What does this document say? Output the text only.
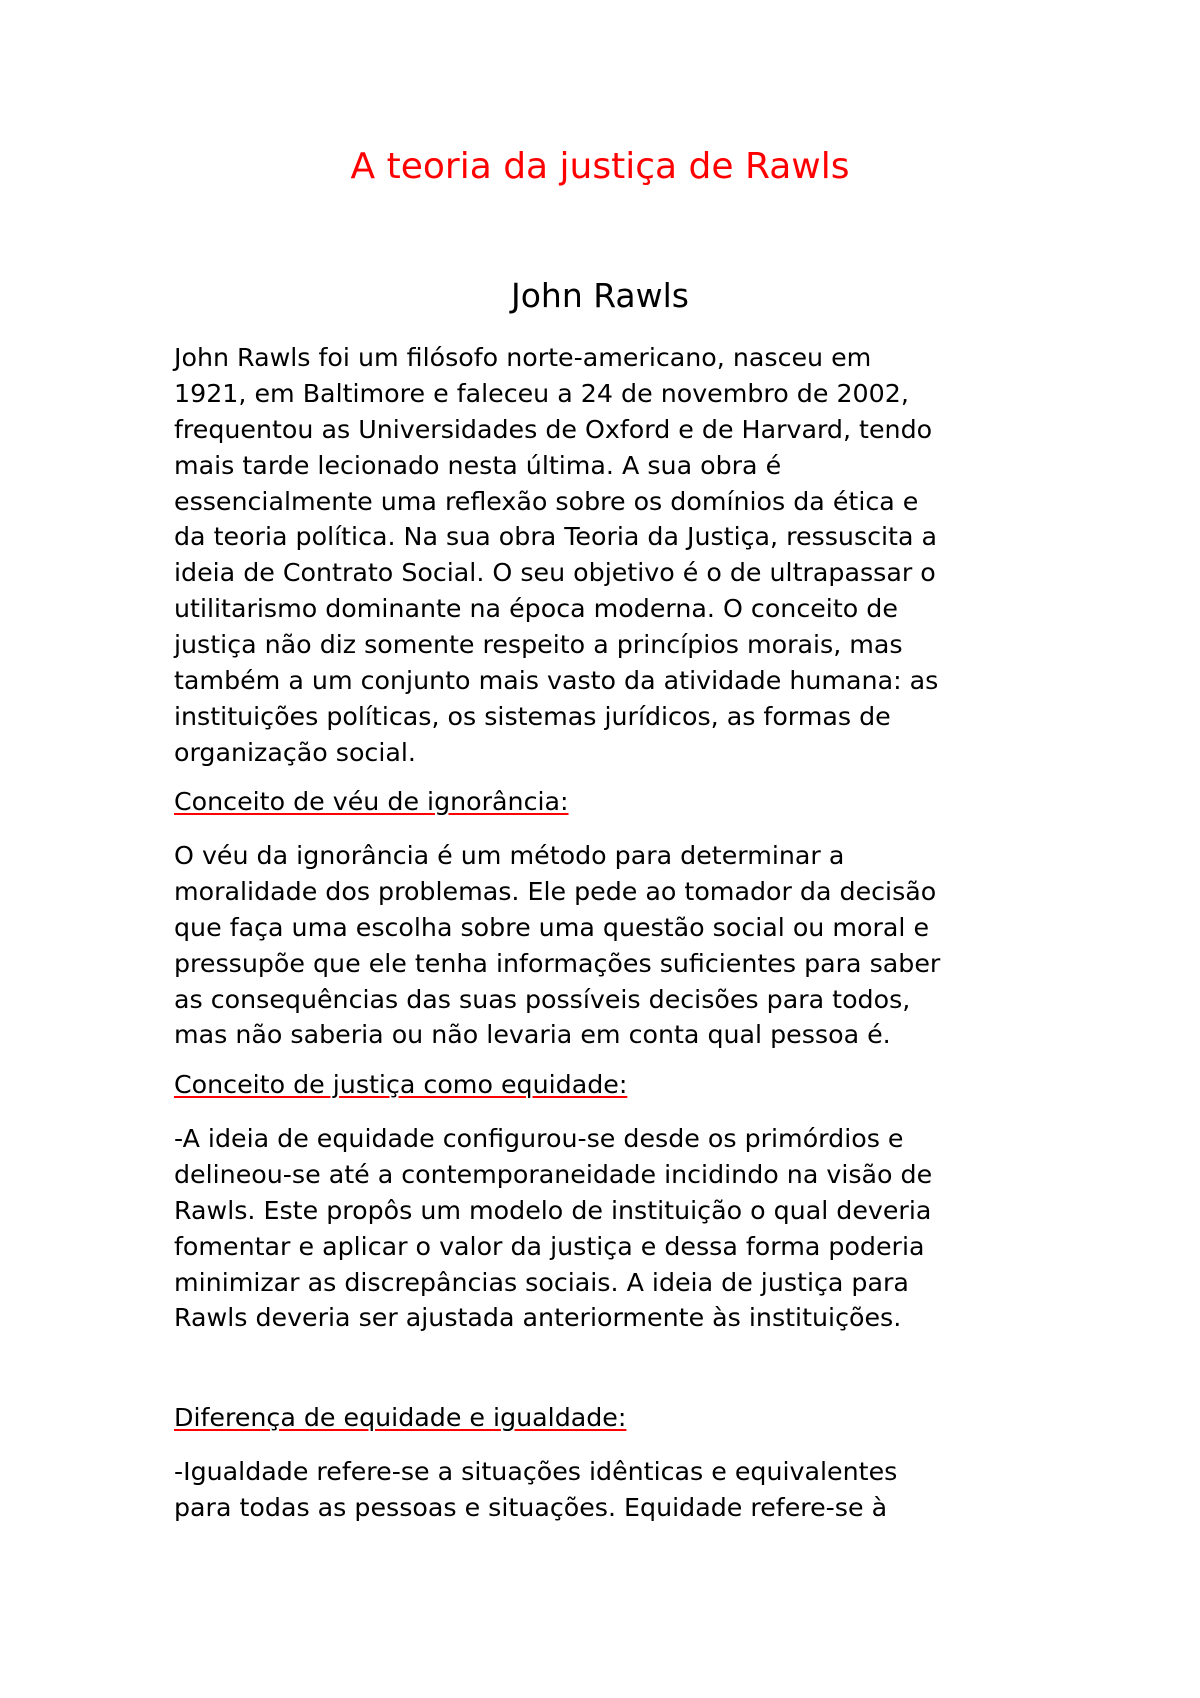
A teoria da justiça de Rawls
John Rawls
John Rawls foi um filósofo norte-americano, nasceu em
1921, em Baltimore e faleceu a 24 de novembro de 2002,
frequentou as Universidades de Oxford e de Harvard, tendo
mais tarde lecionado nesta última. A sua obra é
essencialmente uma reflexão sobre os domínios da ética e
da teoria política. Na sua obra Teoria da Justiça, ressuscita a
ideia de Contrato Social. O seu objetivo é o de ultrapassar o
utilitarismo dominante na época moderna. O conceito de
justiça não diz somente respeito a princípios morais, mas
também a um conjunto mais vasto da atividade humana: as
instituições políticas, os sistemas jurídicos, as formas de
organização social.
Conceito de véu de ignorância:
O véu da ignorância é um método para determinar a
moralidade dos problemas. Ele pede ao tomador da decisão
que faça uma escolha sobre uma questão social ou moral e
pressupõe que ele tenha informações suficientes para saber
as consequências das suas possíveis decisões para todos,
mas não saberia ou não levaria em conta qual pessoa é.
Conceito de justiça como equidade:
-A ideia de equidade configurou-se desde os primórdios e
delineou-se até a contemporaneidade incidindo na visão de
Rawls. Este propôs um modelo de instituição o qual deveria
fomentar e aplicar o valor da justiça e dessa forma poderia
minimizar as discrepâncias sociais. A ideia de justiça para
Rawls deveria ser ajustada anteriormente às instituições.
Diferença de equidade e igualdade:
-Igualdade refere-se a situações idênticas e equivalentes
para todas as pessoas e situações. Equidade refere-se à
